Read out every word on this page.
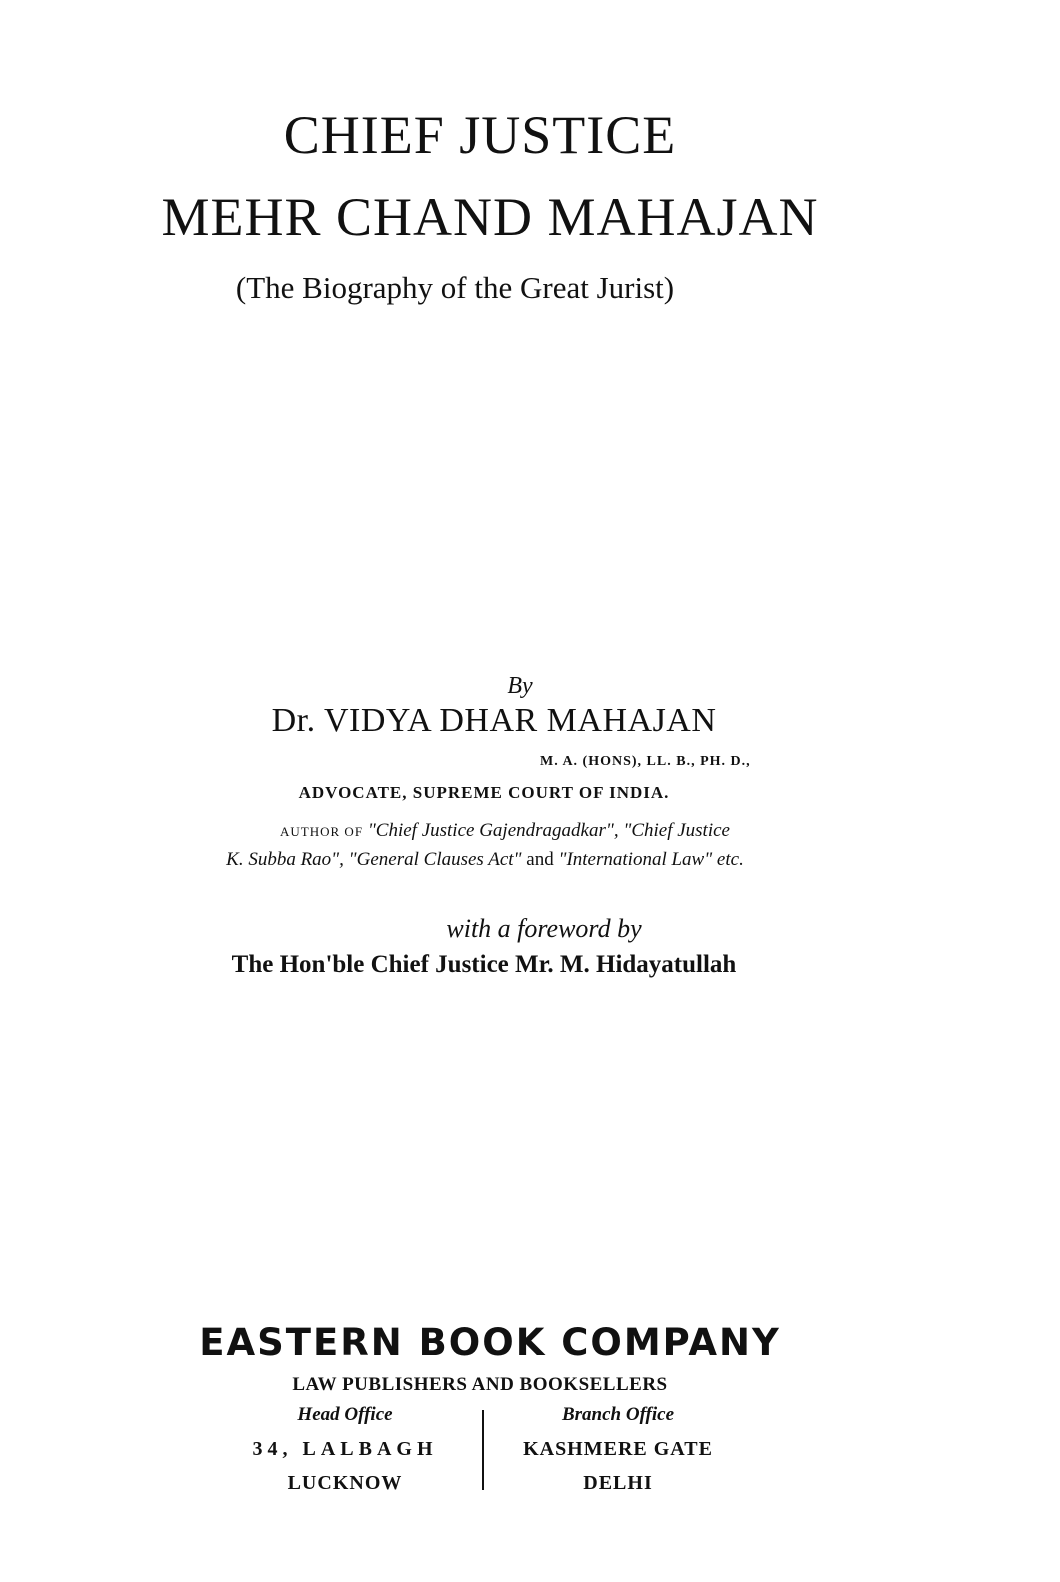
CHIEF JUSTICE
MEHR CHAND MAHAJAN
(The Biography of the Great Jurist)
By
Dr. VIDYA DHAR MAHAJAN
M. A. (HONS), LL. B., PH. D.,
ADVOCATE, SUPREME COURT OF INDIA.
AUTHOR OF "Chief Justice Gajendragadkar", "Chief Justice
K. Subba Rao", "General Clauses Act" and "International Law" etc.
with a foreword by
The Hon'ble Chief Justice Mr. M. Hidayatullah
EASTERN BOOK COMPANY
LAW PUBLISHERS AND BOOKSELLERS
Head Office
34, LALBAGH
LUCKNOW
Branch Office
KASHMERE GATE
DELHI
